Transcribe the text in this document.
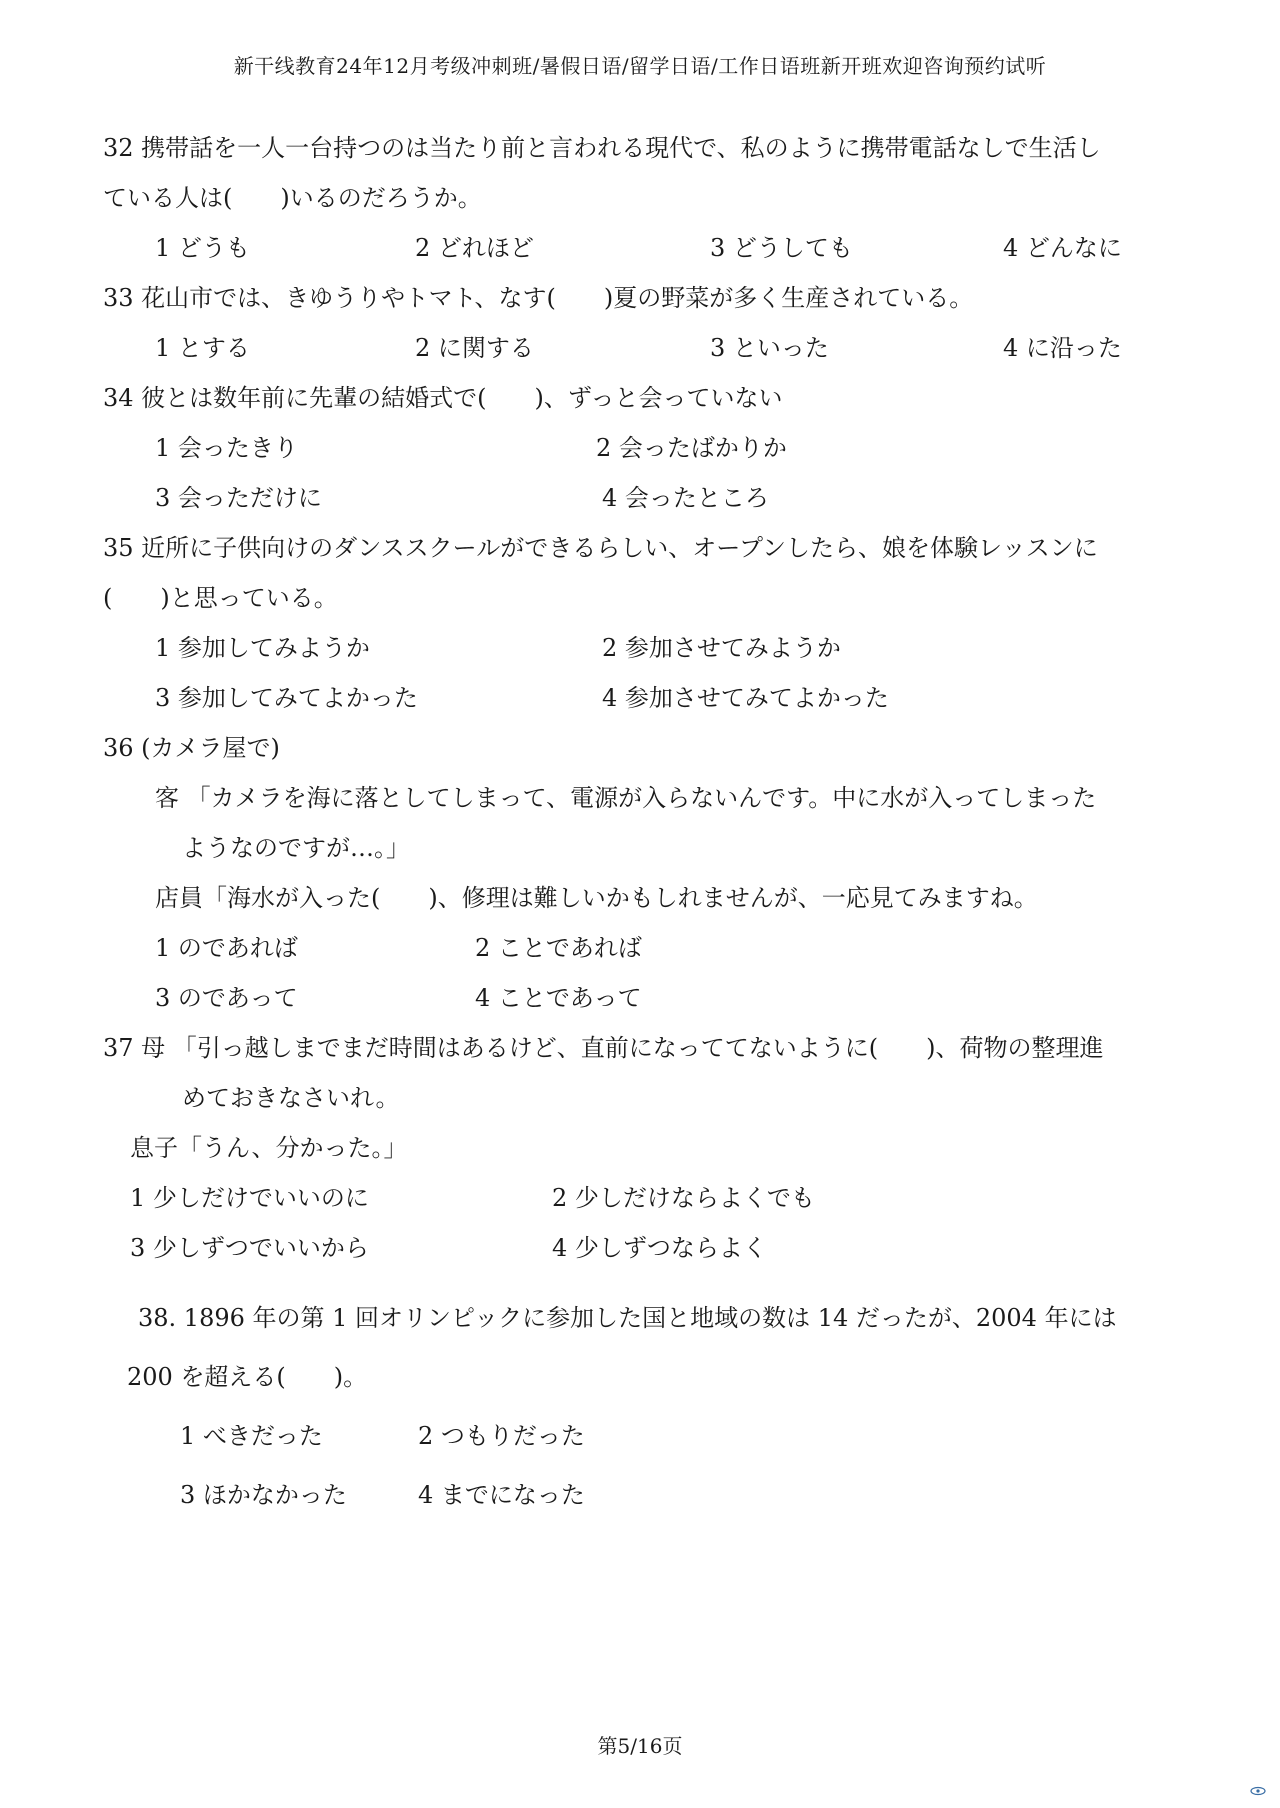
新干线教育24年12月考级冲刺班/暑假日语/留学日语/工作日语班新开班欢迎咨询预约试听
32 携帯話を一人一台持つのは当たり前と言われる現代で、私のように携帯電話なしで生活し
ている人は(　　)いるのだろうか。
1 どうも	2 どれほど	3 どうしても	4 どんなに
33 花山市では、きゆうりやトマト、なす(　　)夏の野菜が多く生産されている。
1 とする	2 に関する	3 といった	4 に沿った
34 彼とは数年前に先輩の結婚式で(　　)、ずっと会っていない
1 会ったきり	2 会ったばかりか
3 会っただけに	4 会ったところ
35 近所に子供向けのダンススクールができるらしい、オープンしたら、娘を体験レッスンに
(　　)と思っている。
1 参加してみようか	2 参加させてみようか
3 参加してみてよかった	4 参加させてみてよかった
36 (カメラ屋で)
客 「カメラを海に落としてしまって、電源が入らないんです。中に水が入ってしまった
ようなのですが…。」
店員「海水が入った(　　)、修理は難しいかもしれませんが、一応見てみますね。
1 のであれば	2 ことであれば
3 のであって	4 ことであって
37 母 「引っ越しまでまだ時間はあるけど、直前になっててないように(　　)、荷物の整理進
めておきなさいれ。
息子「うん、分かった。」
1 少しだけでいいのに	2 少しだけならよくでも
3 少しずつでいいから	4 少しずつならよく
38. 1896 年の第 1 回オリンピックに参加した国と地域の数は 14 だったが、2004 年には
200 を超える(　　)。
1 べきだった	2 つもりだった
3 ほかなかった	4 までになった
第5/16页
